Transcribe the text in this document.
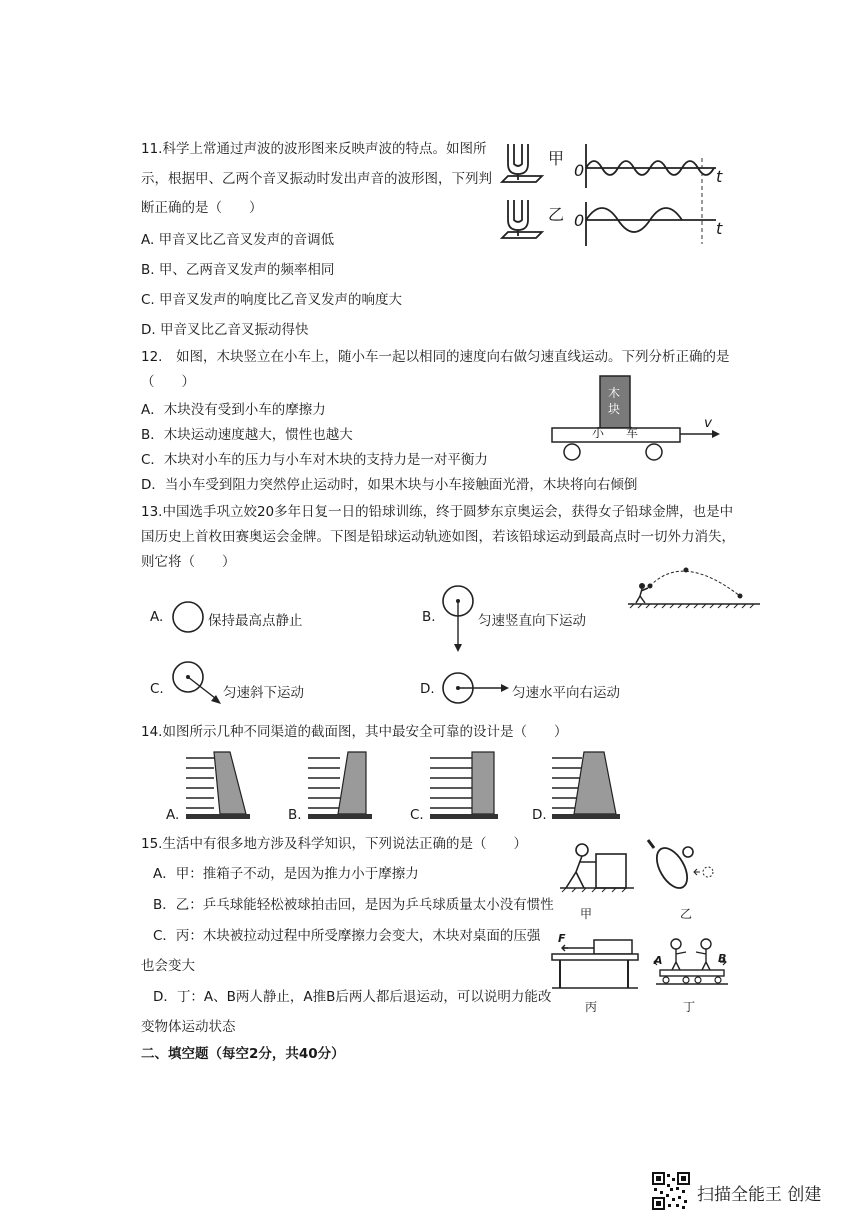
11.科学上常通过声波的波形图来反映声波的特点。如图所
示，根据甲、乙两个音叉振动时发出声音的波形图，下列判
断正确的是（　　）
A. 甲音叉比乙音叉发声的音调低
B. 甲、乙两音叉发声的频率相同
C. 甲音叉发声的响度比乙音叉发声的响度大
D. 甲音叉比乙音叉振动得快
甲
乙
0
0
t
t
12.　如图，木块竖立在小车上，随小车一起以相同的速度向右做匀速直线运动。下列分析正确的是
（　　）
A．木块没有受到小车的摩擦力
B．木块运动速度越大，惯性也越大
C．木块对小车的压力与小车对木块的支持力是一对平衡力
D．当小车受到阻力突然停止运动时，如果木块与小车接触面光滑，木块将向右倾倒
木
块
小 车
v
13.中国选手巩立姣20多年日复一日的铅球训练，终于圆梦东京奥运会，获得女子铅球金牌，也是中
国历史上首枚田赛奥运会金牌。下图是铅球运动轨迹如图，若该铅球运动到最高点时一切外力消失，
则它将（　　）
A.	保持最高点静止	B.	匀速竖直向下运动
C.	匀速斜下运动	D.	匀速水平向右运动
14.如图所示几种不同渠道的截面图，其中最安全可靠的设计是（　　）
A.	B.	C.	D.
15.生活中有很多地方涉及科学知识，下列说法正确的是（　　）
A．甲：推箱子不动，是因为推力小于摩擦力
B．乙：乒乓球能轻松被球拍击回，是因为乒乓球质量太小没有惯性
C．丙：木块被拉动过程中所受摩擦力会变大，木块对桌面的压强
也会变大
D．丁：A、B两人静止，A推B后两人都后退运动，可以说明力能改
变物体运动状态
甲	乙
丙	丁
F
A	B
二、填空题（每空2分，共40分）
扫描全能王 创建
